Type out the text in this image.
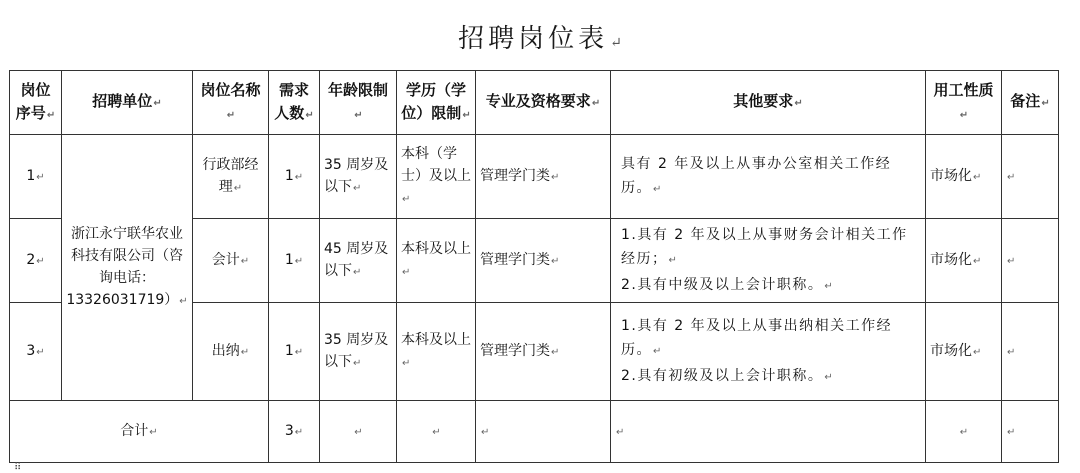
招聘岗位表 ↵
岗位序号↵	招聘单位↵	岗位名称↵	需求人数↵	年龄限制↵	学历（学位）限制↵	专业及资格要求↵	其他要求↵	用工性质↵	备注↵
1↵	浙江永宁联华农业科技有限公司（咨询电话：13326031719）↵	行政部经理↵	1↵	35 周岁及以下↵	本科（学士）及以上↵	管理学门类↵	具有 2 年及以上从事办公室相关工作经历。↵	市场化↵	↵
2↵		会计↵	1↵	45 周岁及以下↵	本科及以上↵	管理学门类↵	1.具有 2 年及以上从事财务会计相关工作经历；↵
2.具有中级及以上会计职称。↵	市场化↵	↵
3↵		出纳↵	1↵	35 周岁及以下↵	本科及以上↵	管理学门类↵	1.具有 2 年及以上从事出纳相关工作经历。↵
2.具有初级及以上会计职称。↵	市场化↵	↵
合计↵			3↵	↵	↵	↵	↵	↵	↵
⠿
